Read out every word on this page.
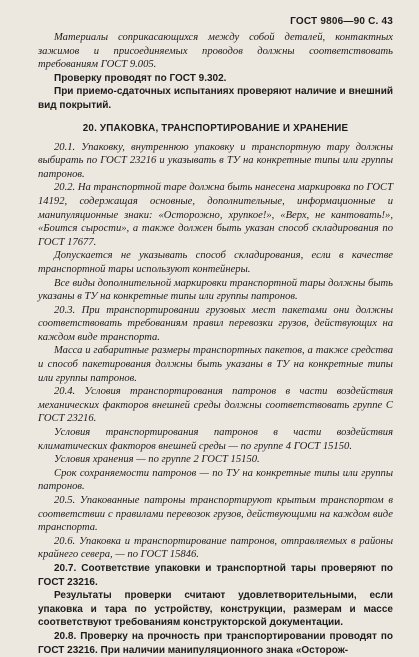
ГОСТ 9806—90 С. 43

Материалы соприкасающихся между собой деталей, контактных зажимов и присоединяемых проводов должны соответствовать требованиям ГОСТ 9.005.

Проверку проводят по ГОСТ 9.302.

При приемо-сдаточных испытаниях проверяют наличие и внешний вид покрытий.

20. УПАКОВКА, ТРАНСПОРТИРОВАНИЕ И ХРАНЕНИЕ

20.1. Упаковку, внутреннюю упаковку и транспортную тару должны выбирать по ГОСТ 23216 и указывать в ТУ на конкретные типы или группы патронов.

20.2. На транспортной таре должна быть нанесена маркировка по ГОСТ 14192, содержащая основные, дополнительные, информационные и манипуляционные знаки: «Осторожно, хрупкое!», «Верх, не кантовать!», «Боится сырости», а также должен быть указан способ складирования по ГОСТ 17677.

Допускается не указывать способ складирования, если в качестве транспортной тары используют контейнеры.

Все виды дополнительной маркировки транспортной тары должны быть указаны в ТУ на конкретные типы или группы патронов.

20.3. При транспортировании грузовых мест пакетами они должны соответствовать требованиям правил перевозки грузов, действующих на каждом виде транспорта.

Масса и габаритные размеры транспортных пакетов, а также средства и способ пакетирования должны быть указаны в ТУ на конкретные типы или группы патронов.

20.4. Условия транспортирования патронов в части воздействия механических факторов внешней среды должны соответствовать группе С ГОСТ 23216.

Условия транспортирования патронов в части воздействия климатических факторов внешней среды — по группе 4 ГОСТ 15150.

Условия хранения — по группе 2 ГОСТ 15150.

Срок сохраняемости патронов — по ТУ на конкретные типы или группы патронов.

20.5. Упакованные патроны транспортируют крытым транспортом в соответствии с правилами перевозок грузов, действующими на каждом виде транспорта.

20.6. Упаковка и транспортирование патронов, отправляемых в районы крайнего севера, — по ГОСТ 15846.

20.7. Соответствие упаковки и транспортной тары проверяют по ГОСТ 23216.

Результаты проверки считают удовлетворительными, если упаковка и тара по устройству, конструкции, размерам и массе соответствуют требованиям конструкторской документации.

20.8. Проверку на прочность при транспортировании проводят по ГОСТ 23216. При наличии манипуляционного знака «Осторож-
